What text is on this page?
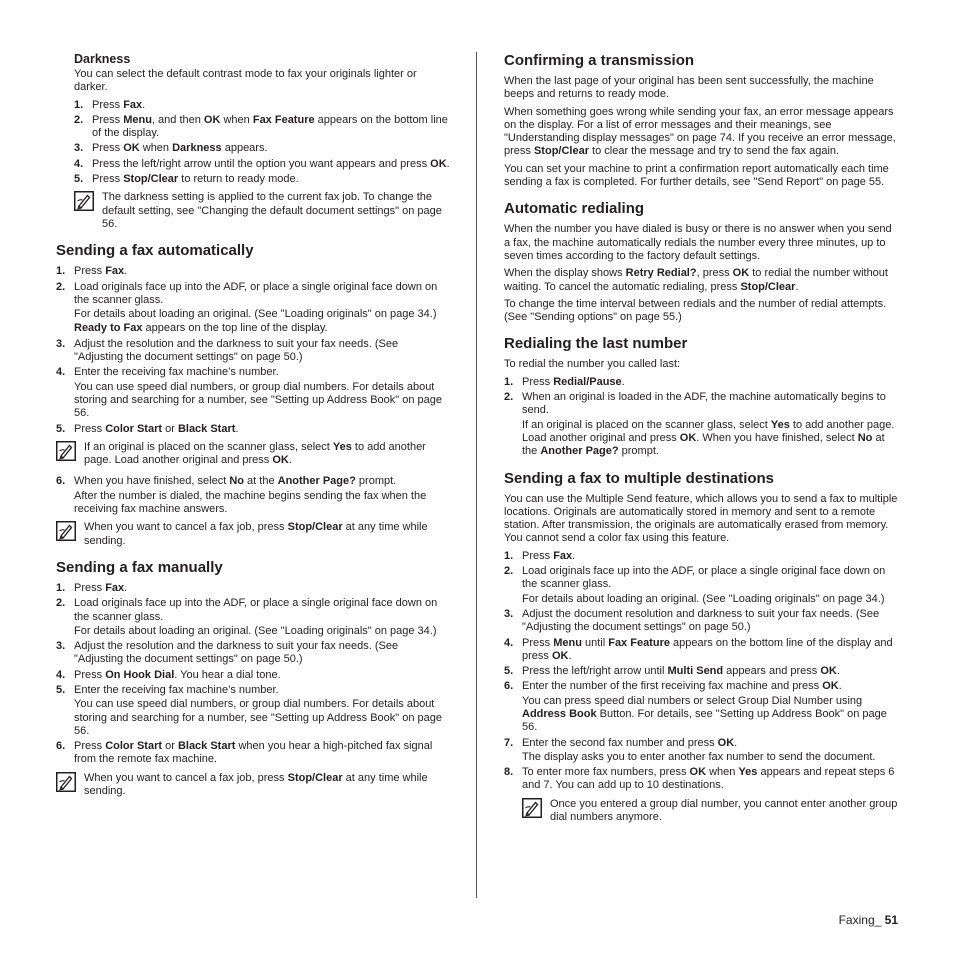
Darkness

You can select the default contrast mode to fax your originals lighter or darker.

1. Press Fax.
2. Press Menu, and then OK when Fax Feature appears on the bottom line of the display.
3. Press OK when Darkness appears.
4. Press the left/right arrow until the option you want appears and press OK.
5. Press Stop/Clear to return to ready mode.
The darkness setting is applied to the current fax job. To change the default setting, see "Changing the default document settings" on page 56.
Sending a fax automatically
1. Press Fax.
2. Load originals face up into the ADF, or place a single original face down on the scanner glass.
For details about loading an original. (See "Loading originals" on page 34.)
Ready to Fax appears on the top line of the display.
3. Adjust the resolution and the darkness to suit your fax needs. (See "Adjusting the document settings" on page 50.)
4. Enter the receiving fax machine’s number.
You can use speed dial numbers, or group dial numbers. For details about storing and searching for a number, see "Setting up Address Book" on page 56.
5. Press Color Start or Black Start.
If an original is placed on the scanner glass, select Yes to add another page. Load another original and press OK.
6. When you have finished, select No at the Another Page? prompt.
After the number is dialed, the machine begins sending the fax when the receiving fax machine answers.
When you want to cancel a fax job, press Stop/Clear at any time while sending.
Sending a fax manually
1. Press Fax.
2. Load originals face up into the ADF, or place a single original face down on the scanner glass.
For details about loading an original. (See "Loading originals" on page 34.)
3. Adjust the resolution and the darkness to suit your fax needs. (See "Adjusting the document settings" on page 50.)
4. Press On Hook Dial. You hear a dial tone.
5. Enter the receiving fax machine’s number.
You can use speed dial numbers, or group dial numbers. For details about storing and searching for a number, see "Setting up Address Book" on page 56.
6. Press Color Start or Black Start when you hear a high-pitched fax signal from the remote fax machine.
When you want to cancel a fax job, press Stop/Clear at any time while sending.
Confirming a transmission

When the last page of your original has been sent successfully, the machine beeps and returns to ready mode.

When something goes wrong while sending your fax, an error message appears on the display. For a list of error messages and their meanings, see "Understanding display messages" on page 74. If you receive an error message, press Stop/Clear to clear the message and try to send the fax again.

You can set your machine to print a confirmation report automatically each time sending a fax is completed. For further details, see "Send Report" on page 55.

Automatic redialing

When the number you have dialed is busy or there is no answer when you send a fax, the machine automatically redials the number every three minutes, up to seven times according to the factory default settings.

When the display shows Retry Redial?, press OK to redial the number without waiting. To cancel the automatic redialing, press Stop/Clear.

To change the time interval between redials and the number of redial attempts. (See "Sending options" on page 55.)

Redialing the last number

To redial the number you called last:

1. Press Redial/Pause.
2. When an original is loaded in the ADF, the machine automatically begins to send.
If an original is placed on the scanner glass, select Yes to add another page. Load another original and press OK. When you have finished, select No at the Another Page? prompt.
Sending a fax to multiple destinations

You can use the Multiple Send feature, which allows you to send a fax to multiple locations. Originals are automatically stored in memory and sent to a remote station. After transmission, the originals are automatically erased from memory. You cannot send a color fax using this feature.

1. Press Fax.
2. Load originals face up into the ADF, or place a single original face down on the scanner glass.
For details about loading an original. (See "Loading originals" on page 34.)
3. Adjust the document resolution and darkness to suit your fax needs. (See "Adjusting the document settings" on page 50.)
4. Press Menu until Fax Feature appears on the bottom line of the display and press OK.
5. Press the left/right arrow until Multi Send appears and press OK.
6. Enter the number of the first receiving fax machine and press OK.
You can press speed dial numbers or select Group Dial Number using Address Book Button. For details, see "Setting up Address Book" on page 56.
7. Enter the second fax number and press OK.
The display asks you to enter another fax number to send the document.
8. To enter more fax numbers, press OK when Yes appears and repeat steps 6 and 7. You can add up to 10 destinations.
Once you entered a group dial number, you cannot enter another group dial numbers anymore.
Faxing_ 51
